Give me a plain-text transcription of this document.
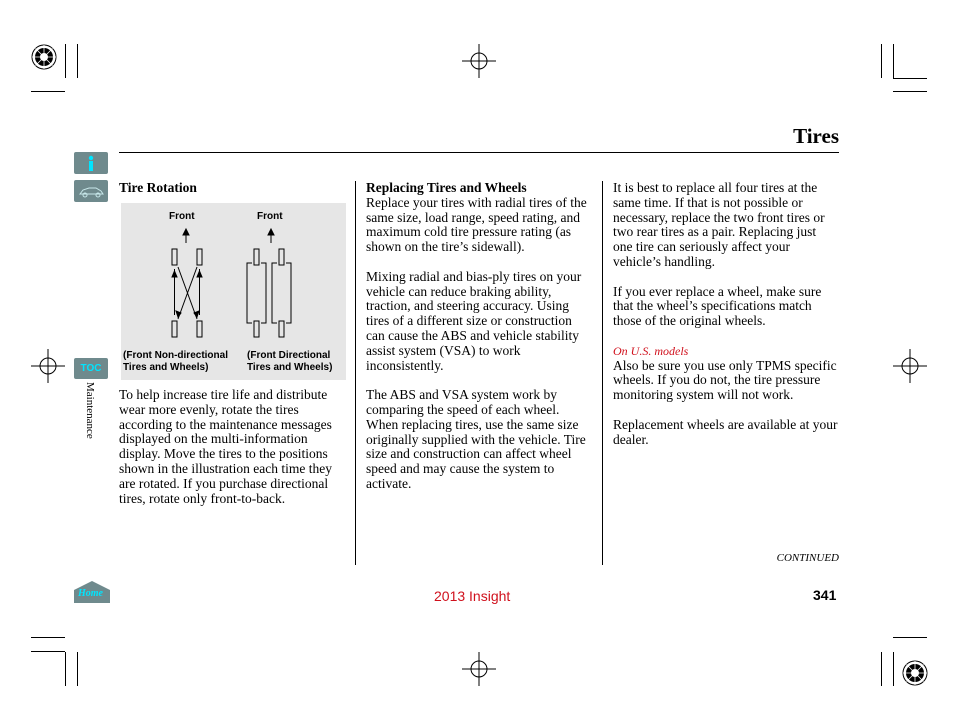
Tires
TOC
Maintenance
Home
Tire Rotation
Front	Front
(Front Non-directional
Tires and Wheels)
(Front Directional
Tires and Wheels)

To help increase tire life and distribute wear more evenly, rotate the tires according to the maintenance messages displayed on the multi-information display. Move the tires to the positions shown in the illustration each time they are rotated. If you purchase directional tires, rotate only front-to-back.

Replacing Tires and Wheels

Replace your tires with radial tires of the same size, load range, speed rating, and maximum cold tire pressure rating (as shown on the tire’s sidewall).

Mixing radial and bias-ply tires on your vehicle can reduce braking ability, traction, and steering accuracy. Using tires of a different size or construction can cause the ABS and vehicle stability assist system (VSA) to work inconsistently.

The ABS and VSA system work by comparing the speed of each wheel. When replacing tires, use the same size originally supplied with the vehicle. Tire size and construction can affect wheel speed and may cause the system to activate.

It is best to replace all four tires at the same time. If that is not possible or necessary, replace the two front tires or two rear tires as a pair. Replacing just one tire can seriously affect your vehicle’s handling.

If you ever replace a wheel, make sure that the wheel’s specifications match those of the original wheels.

On U.S. models

Also be sure you use only TPMS specific wheels. If you do not, the tire pressure monitoring system will not work.

Replacement wheels are available at your dealer.

CONTINUED
2013 Insight	341
